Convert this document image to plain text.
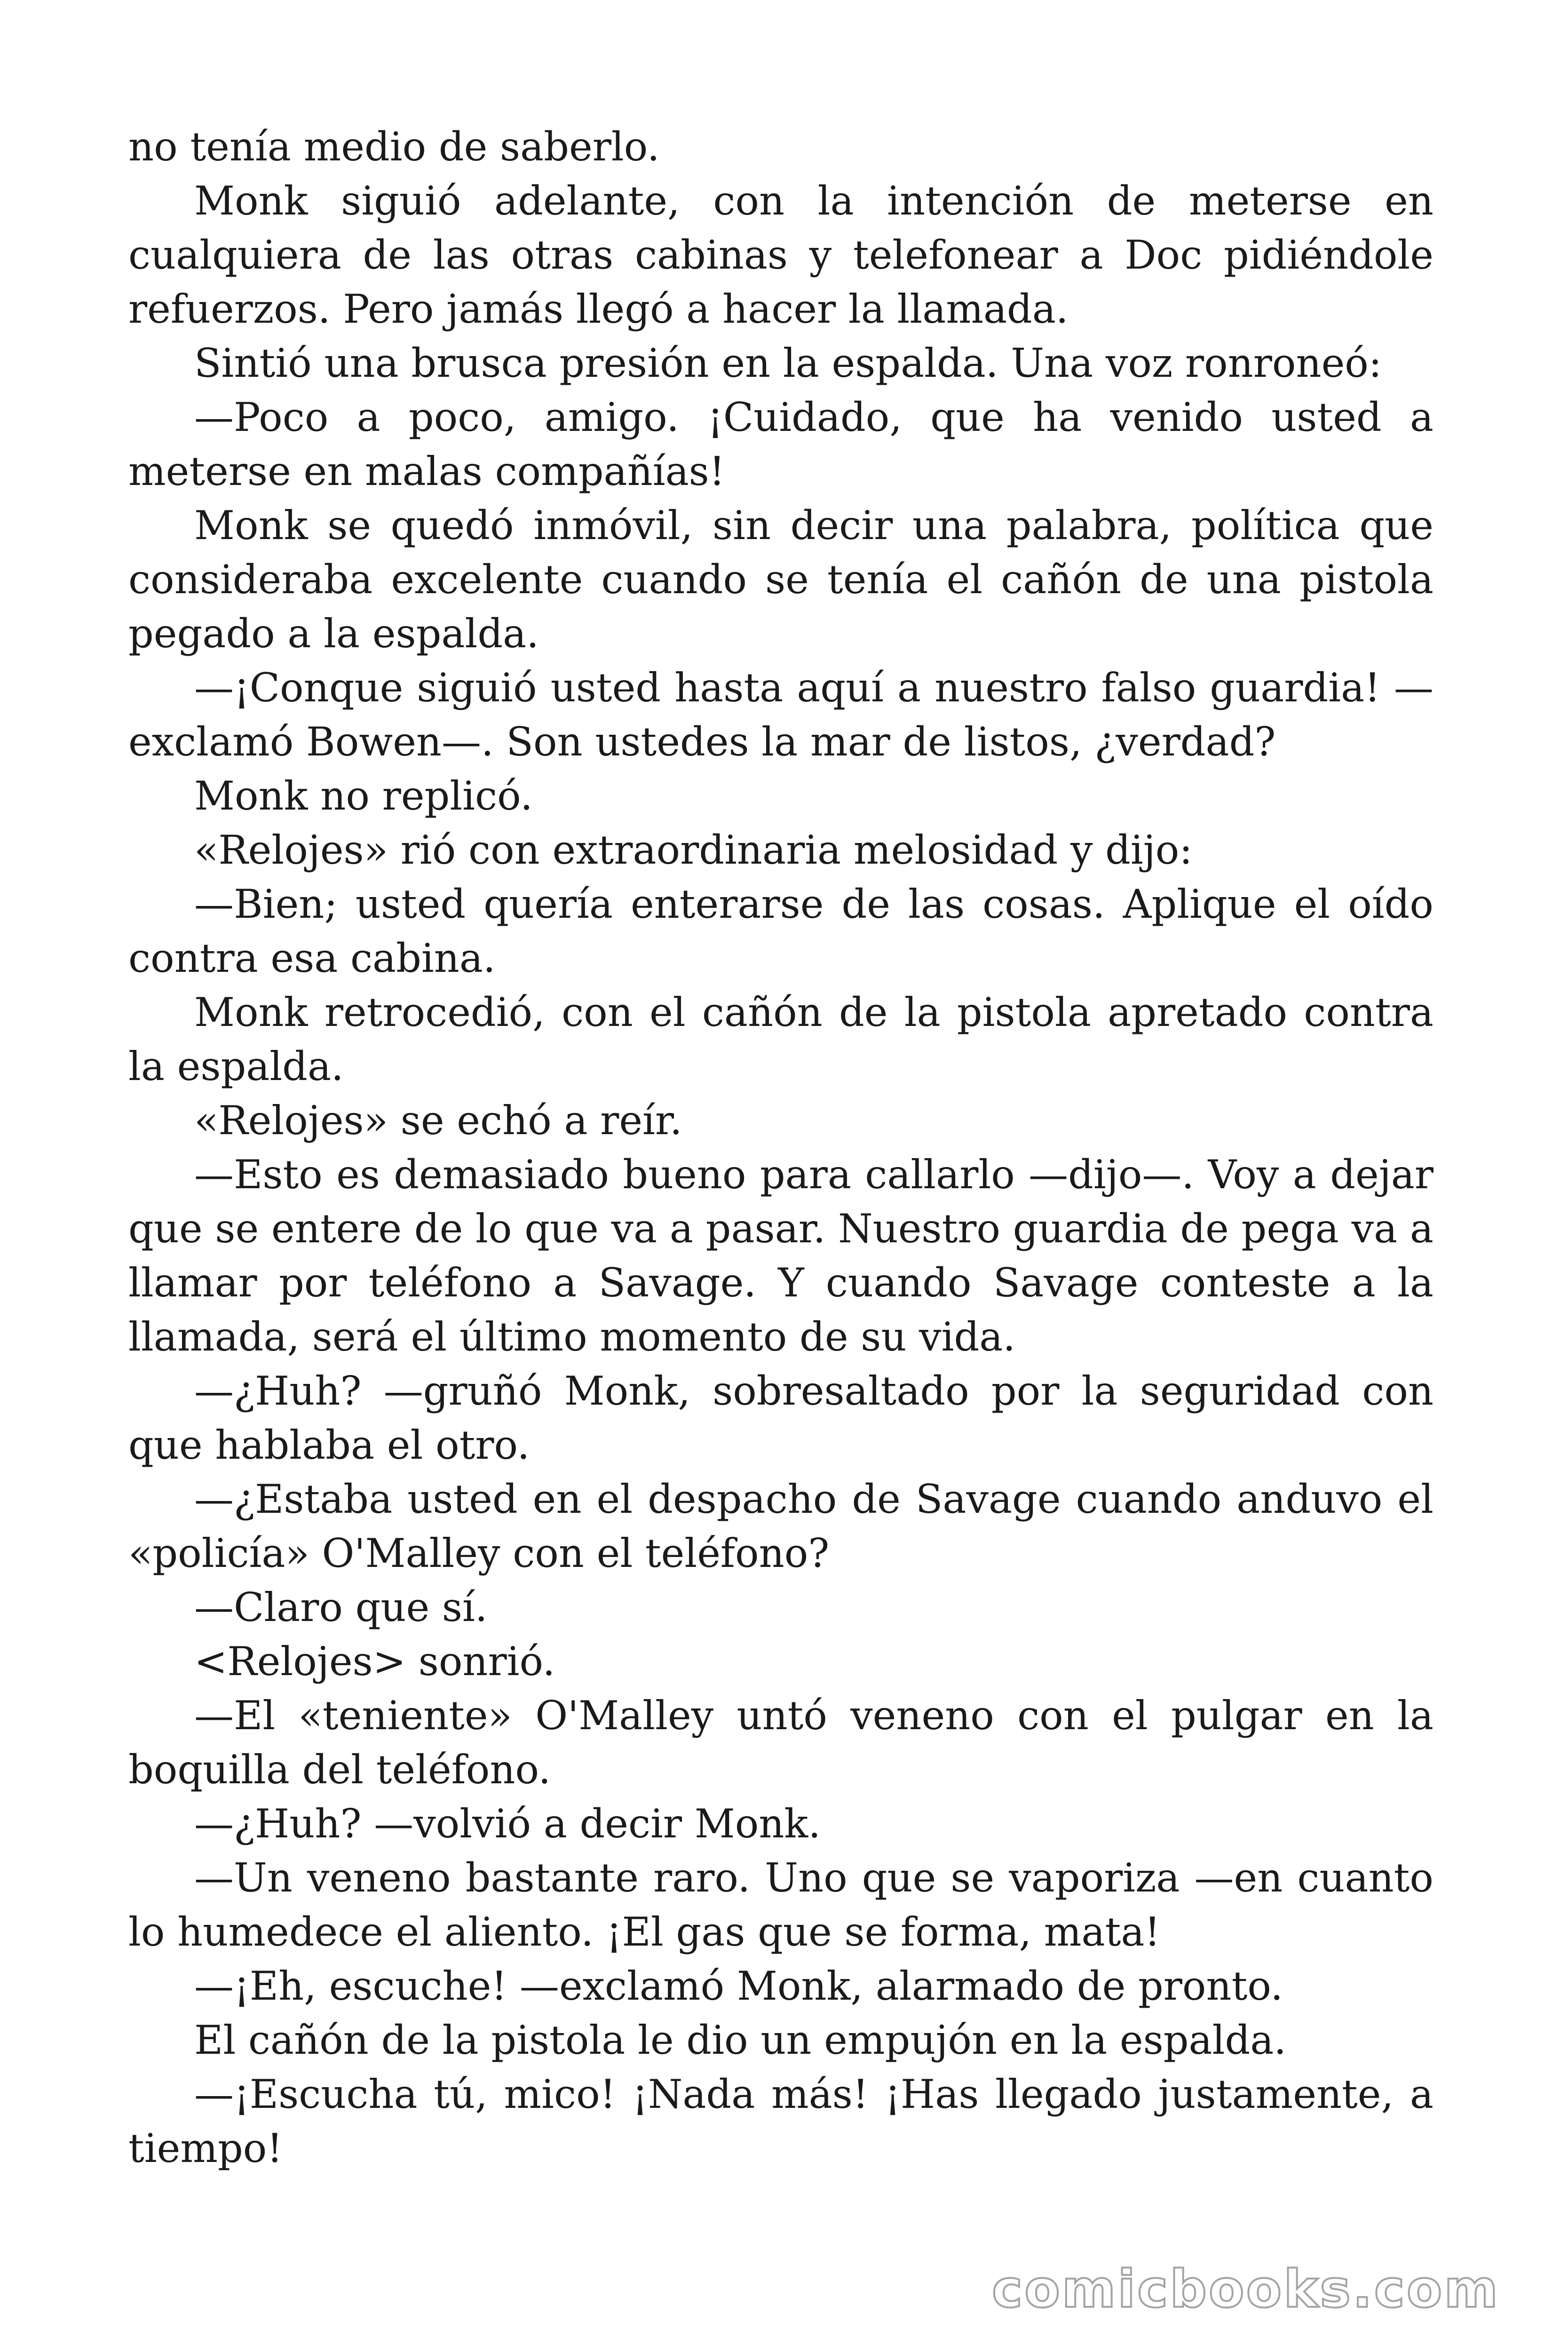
no tenía medio de saberlo.

Monk siguió adelante, con la intención de meterse en cualquiera de las otras cabinas y telefonear a Doc pidiéndole refuerzos. Pero jamás llegó a hacer la llamada.

Sintió una brusca presión en la espalda. Una voz ronroneó:

—Poco a poco, amigo. ¡Cuidado, que ha venido usted a meterse en malas compañías!

Monk se quedó inmóvil, sin decir una palabra, política que consideraba excelente cuando se tenía el cañón de una pistola pegado a la espalda.

—¡Conque siguió usted hasta aquí a nuestro falso guardia! —exclamó Bowen—. Son ustedes la mar de listos, ¿verdad?

Monk no replicó.

«Relojes» rió con extraordinaria melosidad y dijo:

—Bien; usted quería enterarse de las cosas. Aplique el oído contra esa cabina.

Monk retrocedió, con el cañón de la pistola apretado contra la espalda.

«Relojes» se echó a reír.

—Esto es demasiado bueno para callarlo —dijo—. Voy a dejar que se entere de lo que va a pasar. Nuestro guardia de pega va a llamar por teléfono a Savage. Y cuando Savage conteste a la llamada, será el último momento de su vida.

—¿Huh? —gruñó Monk, sobresaltado por la seguridad con que hablaba el otro.

—¿Estaba usted en el despacho de Savage cuando anduvo el «policía» O'Malley con el teléfono?

—Claro que sí.

<Relojes> sonrió.

—El «teniente» O'Malley untó veneno con el pulgar en la boquilla del teléfono.

—¿Huh? —volvió a decir Monk.

—Un veneno bastante raro. Uno que se vaporiza —en cuanto lo humedece el aliento. ¡El gas que se forma, mata!

—¡Eh, escuche! —exclamó Monk, alarmado de pronto.

El cañón de la pistola le dio un empujón en la espalda.

—¡Escucha tú, mico! ¡Nada más! ¡Has llegado justamente, a tiempo!

comicbooks.com
